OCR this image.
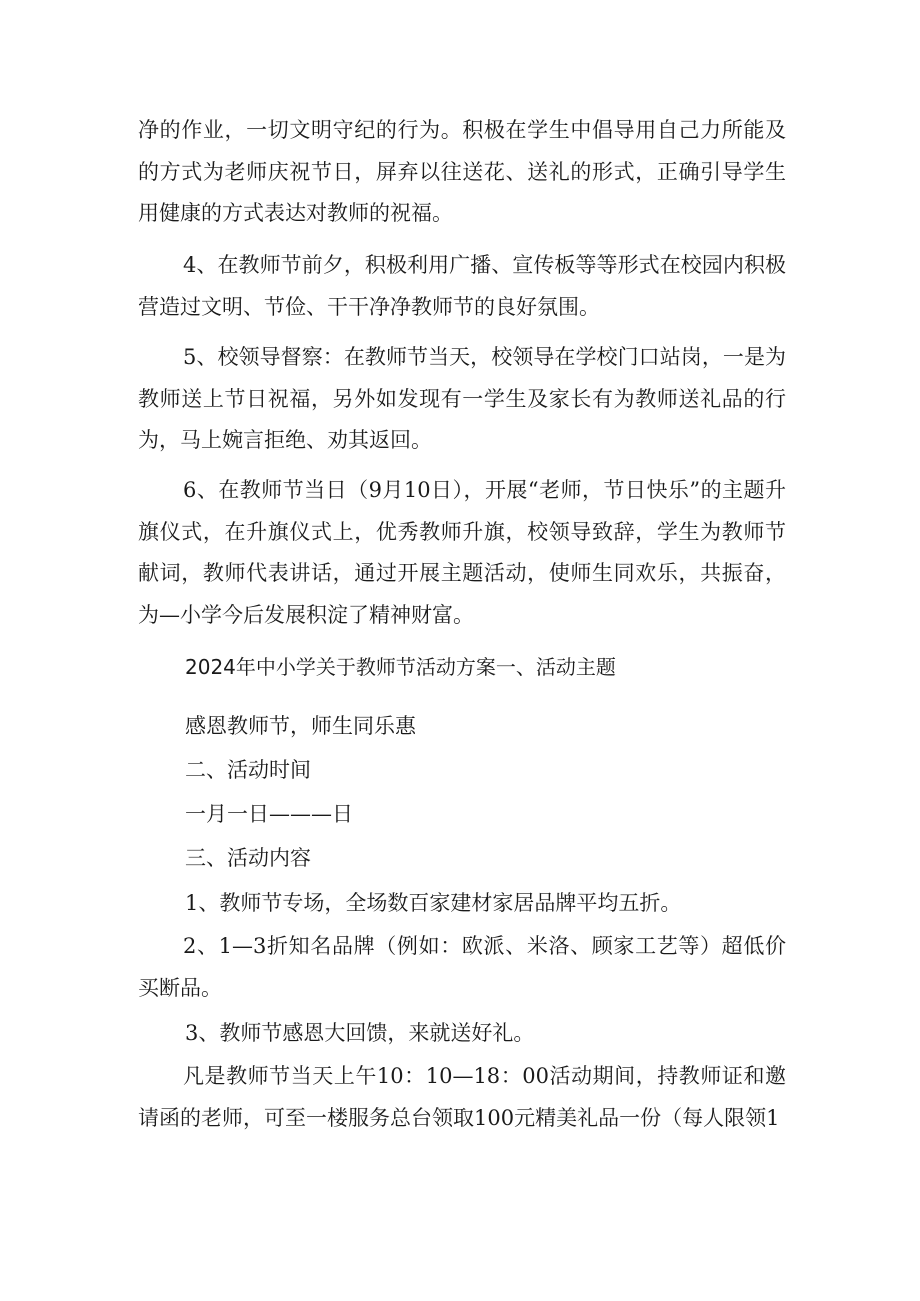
净的作业，一切文明守纪的行为。积极在学生中倡导用自己力所能及的方式为老师庆祝节日，屏弃以往送花、送礼的形式，正确引导学生用健康的方式表达对教师的祝福。

4、在教师节前夕，积极利用广播、宣传板等等形式在校园内积极营造过文明、节俭、干干净净教师节的良好氛围。

5、校领导督察：在教师节当天，校领导在学校门口站岗，一是为教师送上节日祝福，另外如发现有一学生及家长有为教师送礼品的行为，马上婉言拒绝、劝其返回。

6、在教师节当日（9月10日），开展“老师，节日快乐”的主题升旗仪式，在升旗仪式上，优秀教师升旗，校领导致辞，学生为教师节献词，教师代表讲话，通过开展主题活动，使师生同欢乐，共振奋，为—小学今后发展积淀了精神财富。

2024年中小学关于教师节活动方案一、活动主题

感恩教师节，师生同乐惠

二、活动时间

一月一日———日

三、活动内容

1、教师节专场，全场数百家建材家居品牌平均五折。

2、1—3折知名品牌（例如：欧派、米洛、顾家工艺等）超低价买断品。

3、教师节感恩大回馈，来就送好礼。

凡是教师节当天上午10：10—18：00活动期间，持教师证和邀请函的老师，可至一楼服务总台领取100元精美礼品一份（每人限领1
